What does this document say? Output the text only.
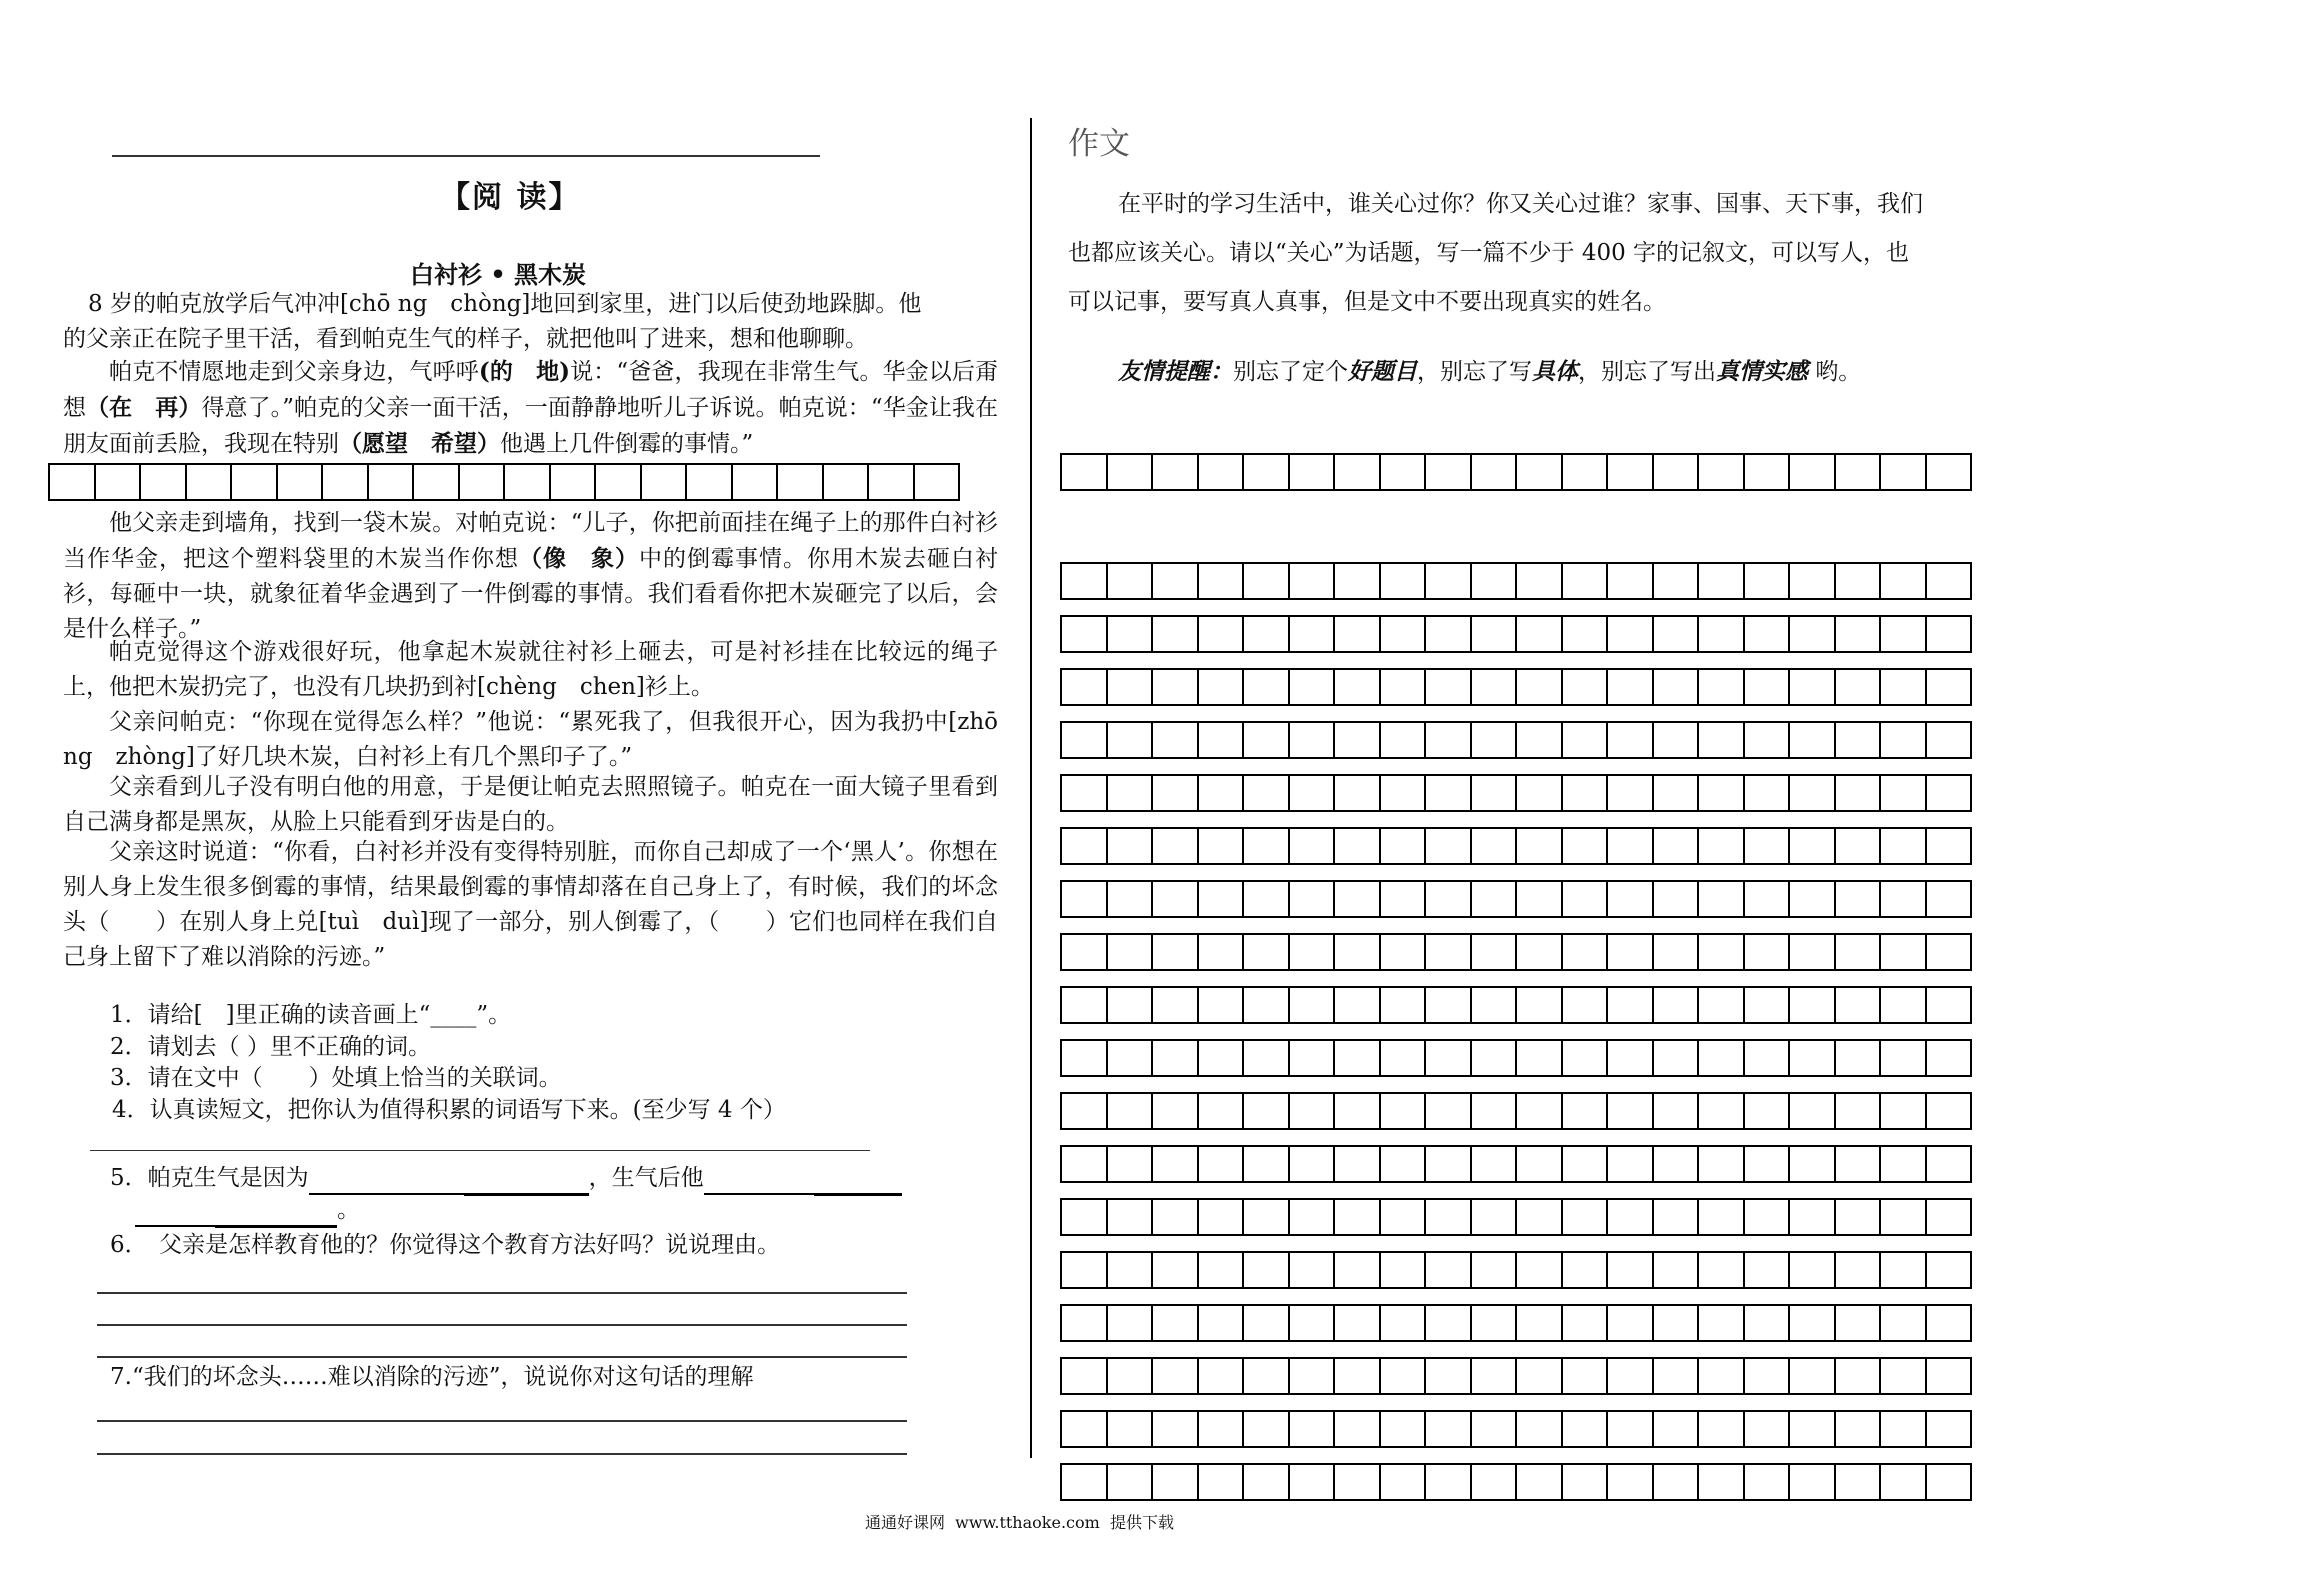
【阅 读】
白衬衫 • 黑木炭
8 岁的帕克放学后气冲冲[chō ng　chòng]地回到家里，进门以后使劲地跺脚。他
的父亲正在院子里干活，看到帕克生气的样子，就把他叫了进来，想和他聊聊。
帕克不情愿地走到父亲身边，气呼呼(的　地)说：“爸爸，我现在非常生气。华金以后甭想（在　再）得意了。”帕克的父亲一面干活，一面静静地听儿子诉说。帕克说：“华金让我在朋友面前丢脸，我现在特别（愿望　希望）他遇上几件倒霉的事情。”
他父亲走到墙角，找到一袋木炭。对帕克说：“儿子，你把前面挂在绳子上的那件白衬衫当作华金，把这个塑料袋里的木炭当作你想（像　象）中的倒霉事情。你用木炭去砸白衬衫，每砸中一块，就象征着华金遇到了一件倒霉的事情。我们看看你把木炭砸完了以后，会是什么样子。”
帕克觉得这个游戏很好玩，他拿起木炭就往衬衫上砸去，可是衬衫挂在比较远的绳子上，他把木炭扔完了，也没有几块扔到衬[chèng　chen]衫上。
父亲问帕克：“你现在觉得怎么样？”他说：“累死我了，但我很开心，因为我扔中[zhō ng　zhòng]了好几块木炭，白衬衫上有几个黑印子了。”
父亲看到儿子没有明白他的用意，于是便让帕克去照照镜子。帕克在一面大镜子里看到自己满身都是黑灰，从脸上只能看到牙齿是白的。
父亲这时说道：“你看，白衬衫并没有变得特别脏，而你自己却成了一个‘黑人’。你想在别人身上发生很多倒霉的事情，结果最倒霉的事情却落在自己身上了，有时候，我们的坏念头（　　）在别人身上兑[tuì　duì]现了一部分，别人倒霉了，（　　）它们也同样在我们自己身上留下了难以消除的污迹。”
1．请给[　]里正确的读音画上“____”。
2．请划去（ ）里不正确的词。
3．请在文中（　　）处填上恰当的关联词。
4．认真读短文，把你认为值得积累的词语写下来。(至少写 4 个）
5．帕克生气是因为	，生气后他
。
6．　父亲是怎样教育他的？你觉得这个教育方法好吗？说说理由。
7.“我们的坏念头……难以消除的污迹”，说说你对这句话的理解
作文
在平时的学习生活中，谁关心过你？你又关心过谁？家事、国事、天下事，我们
也都应该关心。请以“关心”为话题，写一篇不少于 400 字的记叙文，可以写人，也
可以记事，要写真人真事，但是文中不要出现真实的姓名。
友情提醒：别忘了定个好题目，别忘了写具体，别忘了写出真情实感 哟。
通通好课网  www.tthaoke.com  提供下载
